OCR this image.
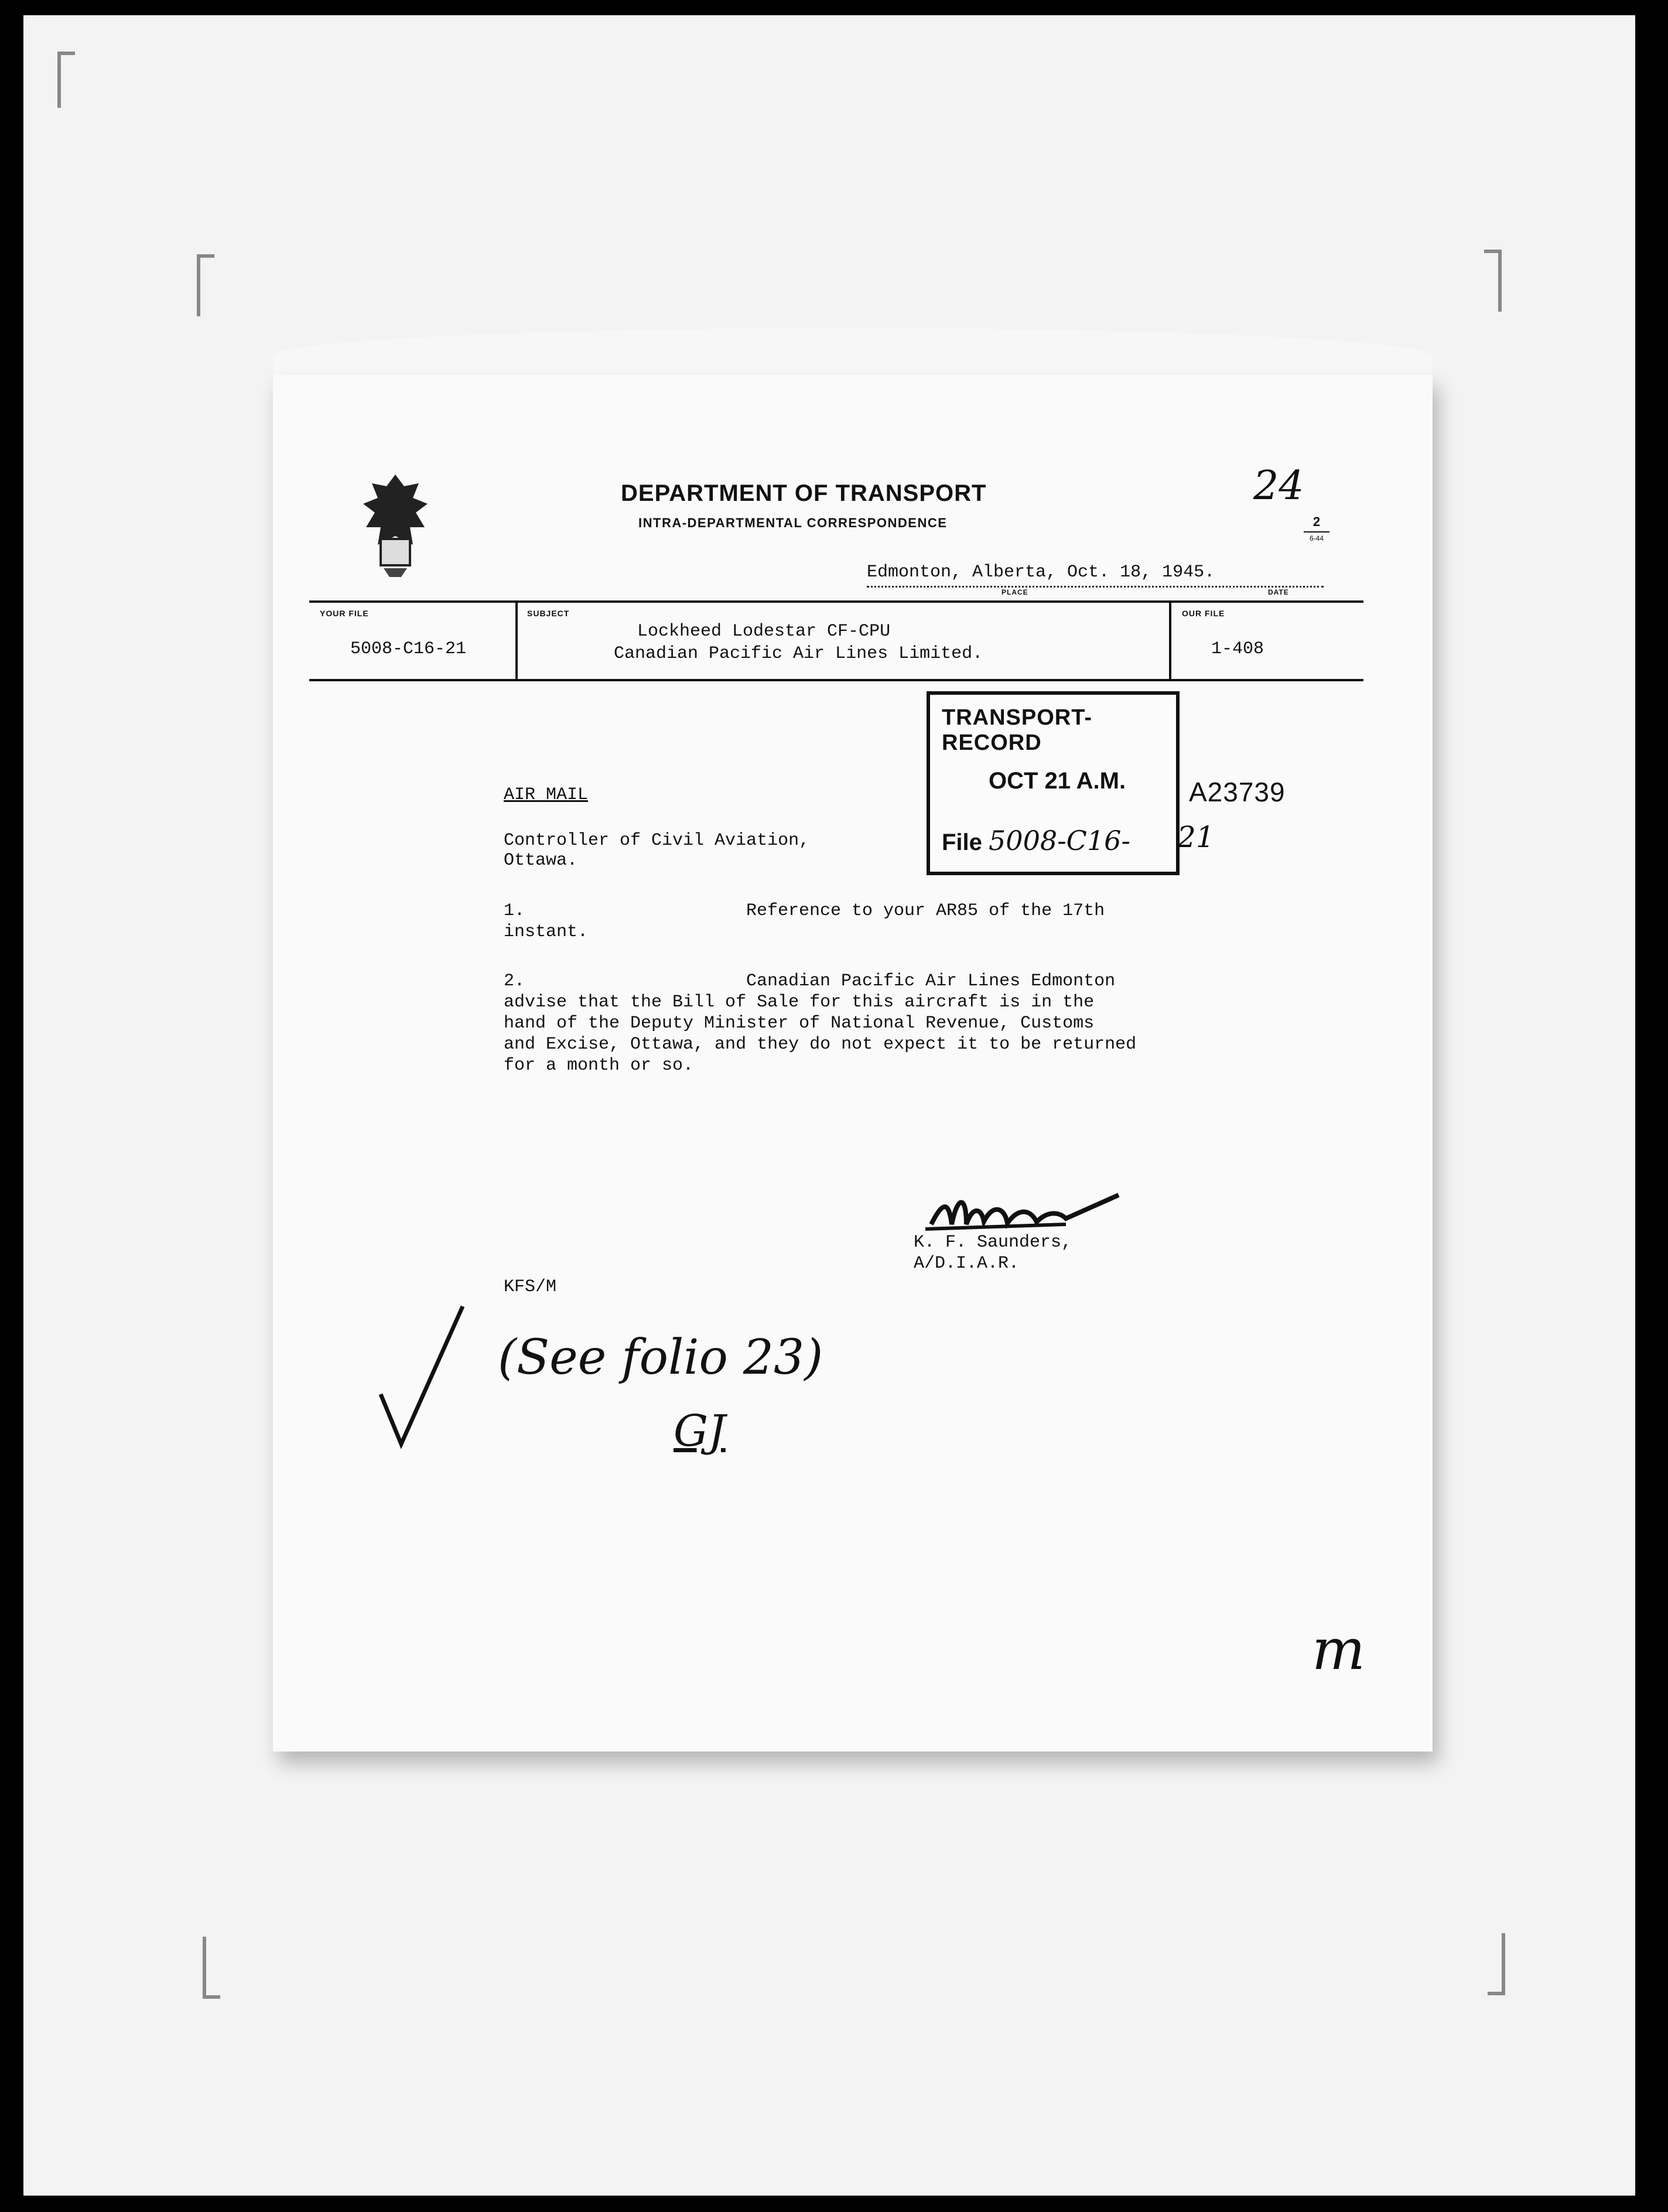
DEPARTMENT OF TRANSPORT
INTRA-DEPARTMENTAL CORRESPONDENCE
24
2
6-44
Edmonton, Alberta, Oct. 18, 1945.
PLACE	DATE
YOUR FILE
5008-C16-21
SUBJECT
Lockheed Lodestar CF-CPU
Canadian Pacific Air Lines Limited.
OUR FILE
1-408
TRANSPORT-RECORD
OCT 21 A.M.
File 5008-C16- 21
A23739
AIR MAIL
Controller of Civil Aviation,
Ottawa.
1.	Reference to your AR85 of the 17th
instant.
2.	Canadian Pacific Air Lines Edmonton
advise that the Bill of Sale for this aircraft is in the
hand of the Deputy Minister of National Revenue, Customs
and Excise, Ottawa, and they do not expect it to be returned
for a month or so.
K. F. Saunders,
A/D.I.A.R.
KFS/M
(See folio 23)
GJ
m
